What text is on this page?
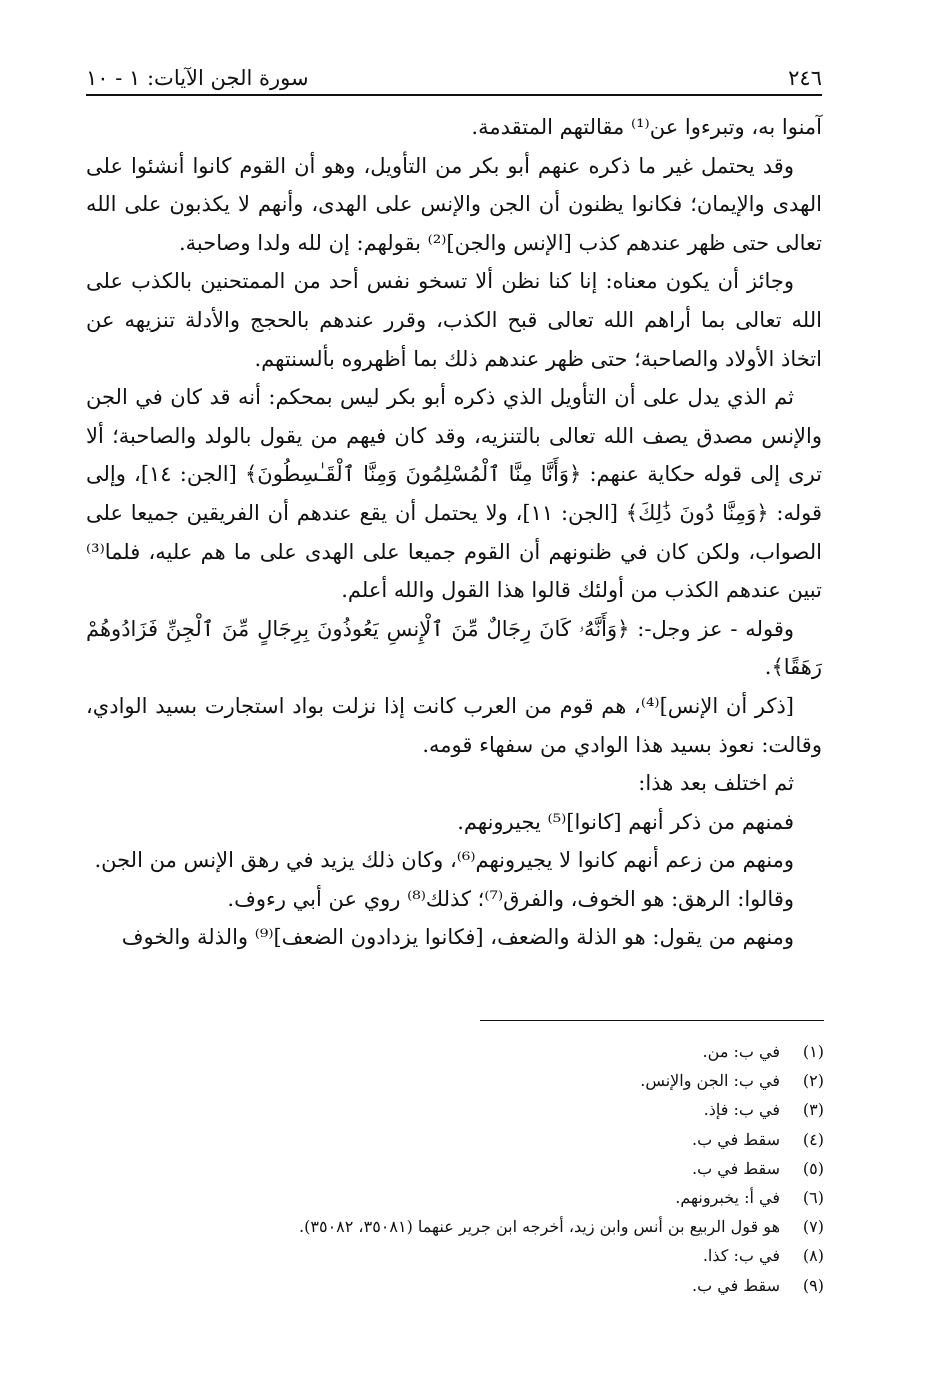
٢٤٦
سورة الجن الآيات: ١ - ١٠

آمنوا به، وتبرءوا عن⁽¹⁾ مقالتهم المتقدمة.

وقد يحتمل غير ما ذكره عنهم أبو بكر من التأويل، وهو أن القوم كانوا أنشئوا على الهدى والإيمان؛ فكانوا يظنون أن الجن والإنس على الهدى، وأنهم لا يكذبون على الله تعالى حتى ظهر عندهم كذب [الإنس والجن]⁽²⁾ بقولهم: إن لله ولدا وصاحبة.

وجائز أن يكون معناه: إنا كنا نظن ألا تسخو نفس أحد من الممتحنين بالكذب على الله تعالى بما أراهم الله تعالى قبح الكذب، وقرر عندهم بالحجج والأدلة تنزيهه عن اتخاذ الأولاد والصاحبة؛ حتى ظهر عندهم ذلك بما أظهروه بألسنتهم.

ثم الذي يدل على أن التأويل الذي ذكره أبو بكر ليس بمحكم: أنه قد كان في الجن والإنس مصدق يصف الله تعالى بالتنزيه، وقد كان فيهم من يقول بالولد والصاحبة؛ ألا ترى إلى قوله حكاية عنهم: ﴿وَأَنَّا مِنَّا ٱلْمُسْلِمُونَ وَمِنَّا ٱلْقَـٰسِطُونَ﴾ [الجن: ١٤]، وإلى قوله: ﴿وَمِنَّا دُونَ ذَٰلِكَ﴾ [الجن: ١١]، ولا يحتمل أن يقع عندهم أن الفريقين جميعا على الصواب، ولكن كان في ظنونهم أن القوم جميعا على الهدى على ما هم عليه، فلما⁽³⁾ تبين عندهم الكذب من أولئك قالوا هذا القول والله أعلم.

وقوله - عز وجل-: ﴿وَأَنَّهُۥ كَانَ رِجَالٌ مِّنَ ٱلْإِنسِ يَعُوذُونَ بِرِجَالٍ مِّنَ ٱلْجِنِّ فَزَادُوهُمْ رَهَقًا﴾.

[ذكر أن الإنس]⁽⁴⁾، هم قوم من العرب كانت إذا نزلت بواد استجارت بسيد الوادي، وقالت: نعوذ بسيد هذا الوادي من سفهاء قومه.

ثم اختلف بعد هذا:

فمنهم من ذكر أنهم [كانوا]⁽⁵⁾ يجيرونهم.

ومنهم من زعم أنهم كانوا لا يجيرونهم⁽⁶⁾، وكان ذلك يزيد في رهق الإنس من الجن.

وقالوا: الرهق: هو الخوف، والفرق⁽⁷⁾؛ كذلك⁽⁸⁾ روي عن أبي رءوف.

ومنهم من يقول: هو الذلة والضعف، [فكانوا يزدادون الضعف]⁽⁹⁾ والذلة والخوف

(١)
في ب: من.
(٢)
في ب: الجن والإنس.
(٣)
في ب: فإذ.
(٤)
سقط في ب.
(٥)
سقط في ب.
(٦)
في أ: يخبرونهم.
(٧)
هو قول الربيع بن أنس وابن زيد، أخرجه ابن جرير عنهما (٣٥٠٨١، ٣٥٠٨٢).
(٨)
في ب: كذا.
(٩)
سقط في ب.
